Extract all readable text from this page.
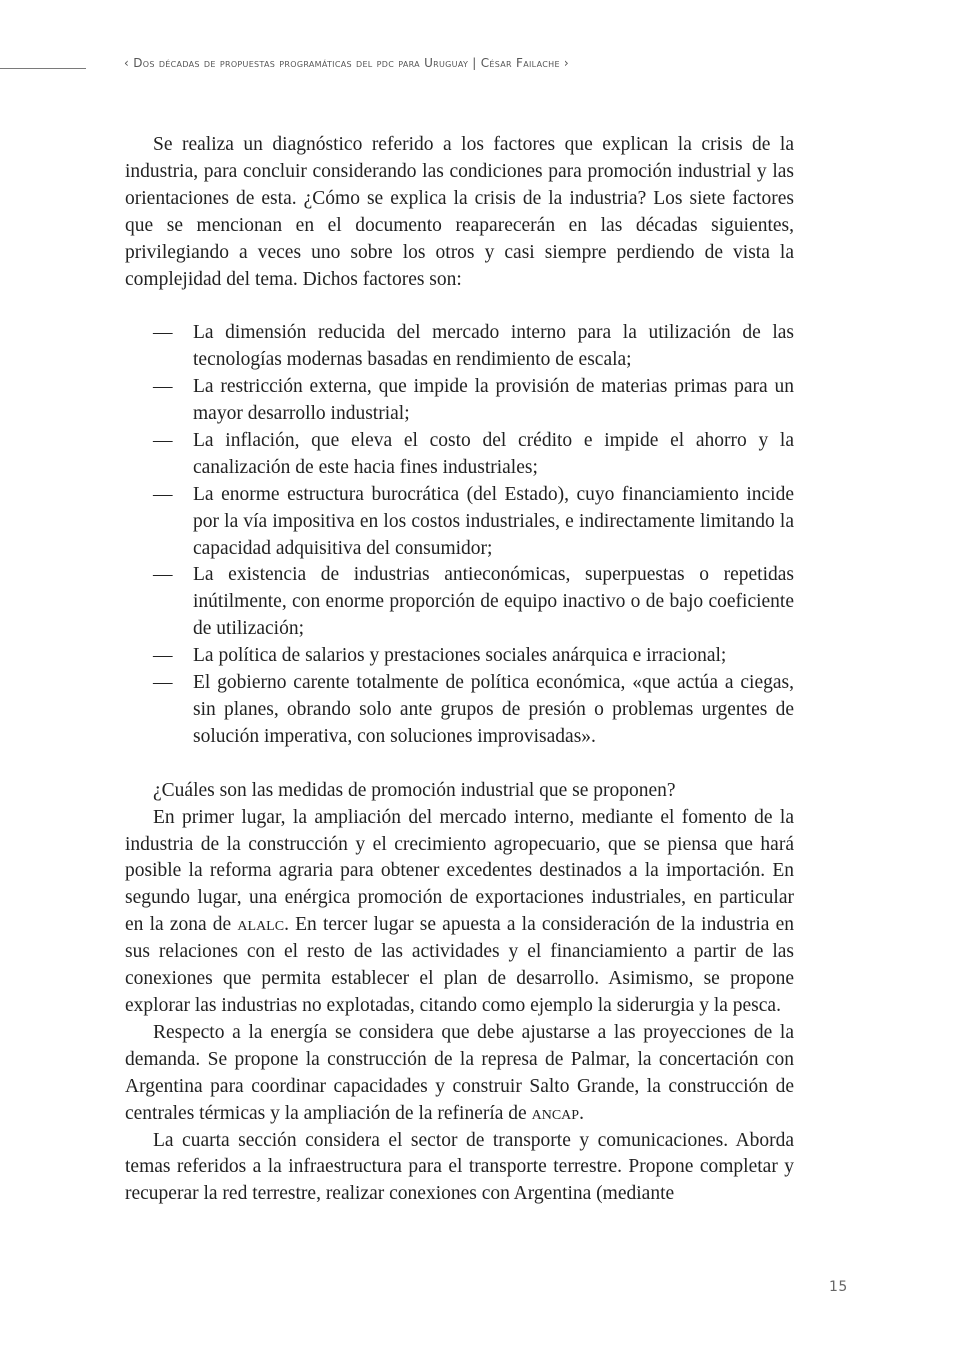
‹ Dos décadas de propuestas programáticas del pdc para Uruguay | César Failache ›

Se realiza un diagnóstico referido a los factores que explican la crisis de la industria, para concluir considerando las condiciones para promoción industrial y las orientaciones de esta. ¿Cómo se explica la crisis de la industria? Los siete factores que se mencionan en el documento reaparecerán en las décadas siguientes, privilegiando a veces uno sobre los otros y casi siempre perdiendo de vista la complejidad del tema. Dichos factores son:

— La dimensión reducida del mercado interno para la utilización de las tecnologías modernas basadas en rendimiento de escala;
— La restricción externa, que impide la provisión de materias primas para un mayor desarrollo industrial;
— La inflación, que eleva el costo del crédito e impide el ahorro y la canalización de este hacia fines industriales;
— La enorme estructura burocrática (del Estado), cuyo financiamiento incide por la vía impositiva en los costos industriales, e indirectamente limitando la capacidad adquisitiva del consumidor;
— La existencia de industrias antieconómicas, superpuestas o repetidas inútilmente, con enorme proporción de equipo inactivo o de bajo coeficiente de utilización;
— La política de salarios y prestaciones sociales anárquica e irracional;
— El gobierno carente totalmente de política económica, «que actúa a ciegas, sin planes, obrando solo ante grupos de presión o problemas urgentes de solución imperativa, con soluciones improvisadas».

¿Cuáles son las medidas de promoción industrial que se proponen?

En primer lugar, la ampliación del mercado interno, mediante el fomento de la industria de la construcción y el crecimiento agropecuario, que se piensa que hará posible la reforma agraria para obtener excedentes destinados a la importación. En segundo lugar, una enérgica promoción de exportaciones industriales, en particular en la zona de alalc. En tercer lugar se apuesta a la consideración de la industria en sus relaciones con el resto de las actividades y el financiamiento a partir de las conexiones que permita establecer el plan de desarrollo. Asimismo, se propone explorar las industrias no explotadas, citando como ejemplo la siderurgia y la pesca.

Respecto a la energía se considera que debe ajustarse a las proyecciones de la demanda. Se propone la construcción de la represa de Palmar, la concertación con Argentina para coordinar capacidades y construir Salto Grande, la construcción de centrales térmicas y la ampliación de la refinería de ancap.

La cuarta sección considera el sector de transporte y comunicaciones. Aborda temas referidos a la infraestructura para el transporte terrestre. Propone completar y recuperar la red terrestre, realizar conexiones con Argentina (mediante

15
